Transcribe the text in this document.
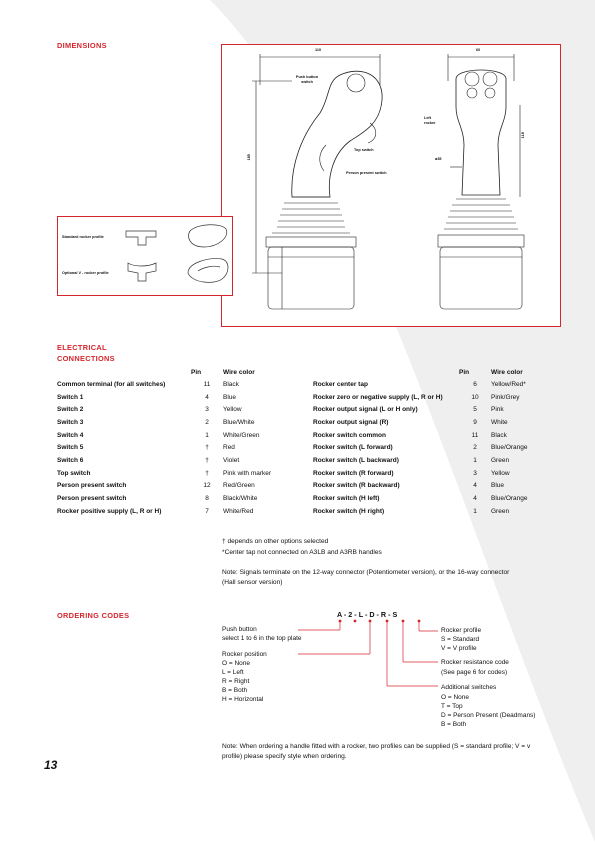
DIMENSIONS	110	60
185
118
ø35
Push button switch
Top switch
Person present switch
Left rocker
Standard rocker profile
Optional V - rocker profile
ELECTRICAL
CONNECTIONS
	Pin	Wire color
Common terminal (for all switches)	11	Black
Switch 1	4	Blue
Switch 2	3	Yellow
Switch 3	2	Blue/White
Switch 4	1	White/Green
Switch 5	†	Red
Switch 6	†	Violet
Top switch	†	Pink with marker
Person present switch	12	Red/Green
Person present switch	8	Black/White
Rocker positive supply (L, R or H)	7	White/Red
	Pin	Wire color
Rocker center tap	6	Yellow/Red*
Rocker zero or negative supply (L, R or H)	10	Pink/Grey
Rocker output signal (L or H only)	5	Pink
Rocker output signal (R)	9	White
Rocker switch common	11	Black
Rocker switch (L forward)	2	Blue/Orange
Rocker switch (L backward)	1	Green
Rocker switch (R forward)	3	Yellow
Rocker switch (R backward)	4	Blue
Rocker switch (H left)	4	Blue/Orange
Rocker switch (H right)	1	Green
† depends on other options selected
*Center tap not connected on A3LB and A3RB handles
Note: Signals terminate on the 12-way connector (Potentiometer version), or the 16-way connector (Hall sensor version)
ORDERING CODES	A - 2 - L - D - R - S
Push button
select 1 to 6 in the top plate
Rocker position
O = None
L = Left
R = Right
B = Both
H = Horizontal
Rocker profile
S = Standard
V = V profile
Rocker resistance code
(See page 6 for codes)
Additional switches
O = None
T = Top
D = Person Present (Deadmans)
B = Both
Note: When ordering a handle fitted with a rocker, two profiles can be supplied (S = standard profile; V = v profile) please specify style when ordering.
13
